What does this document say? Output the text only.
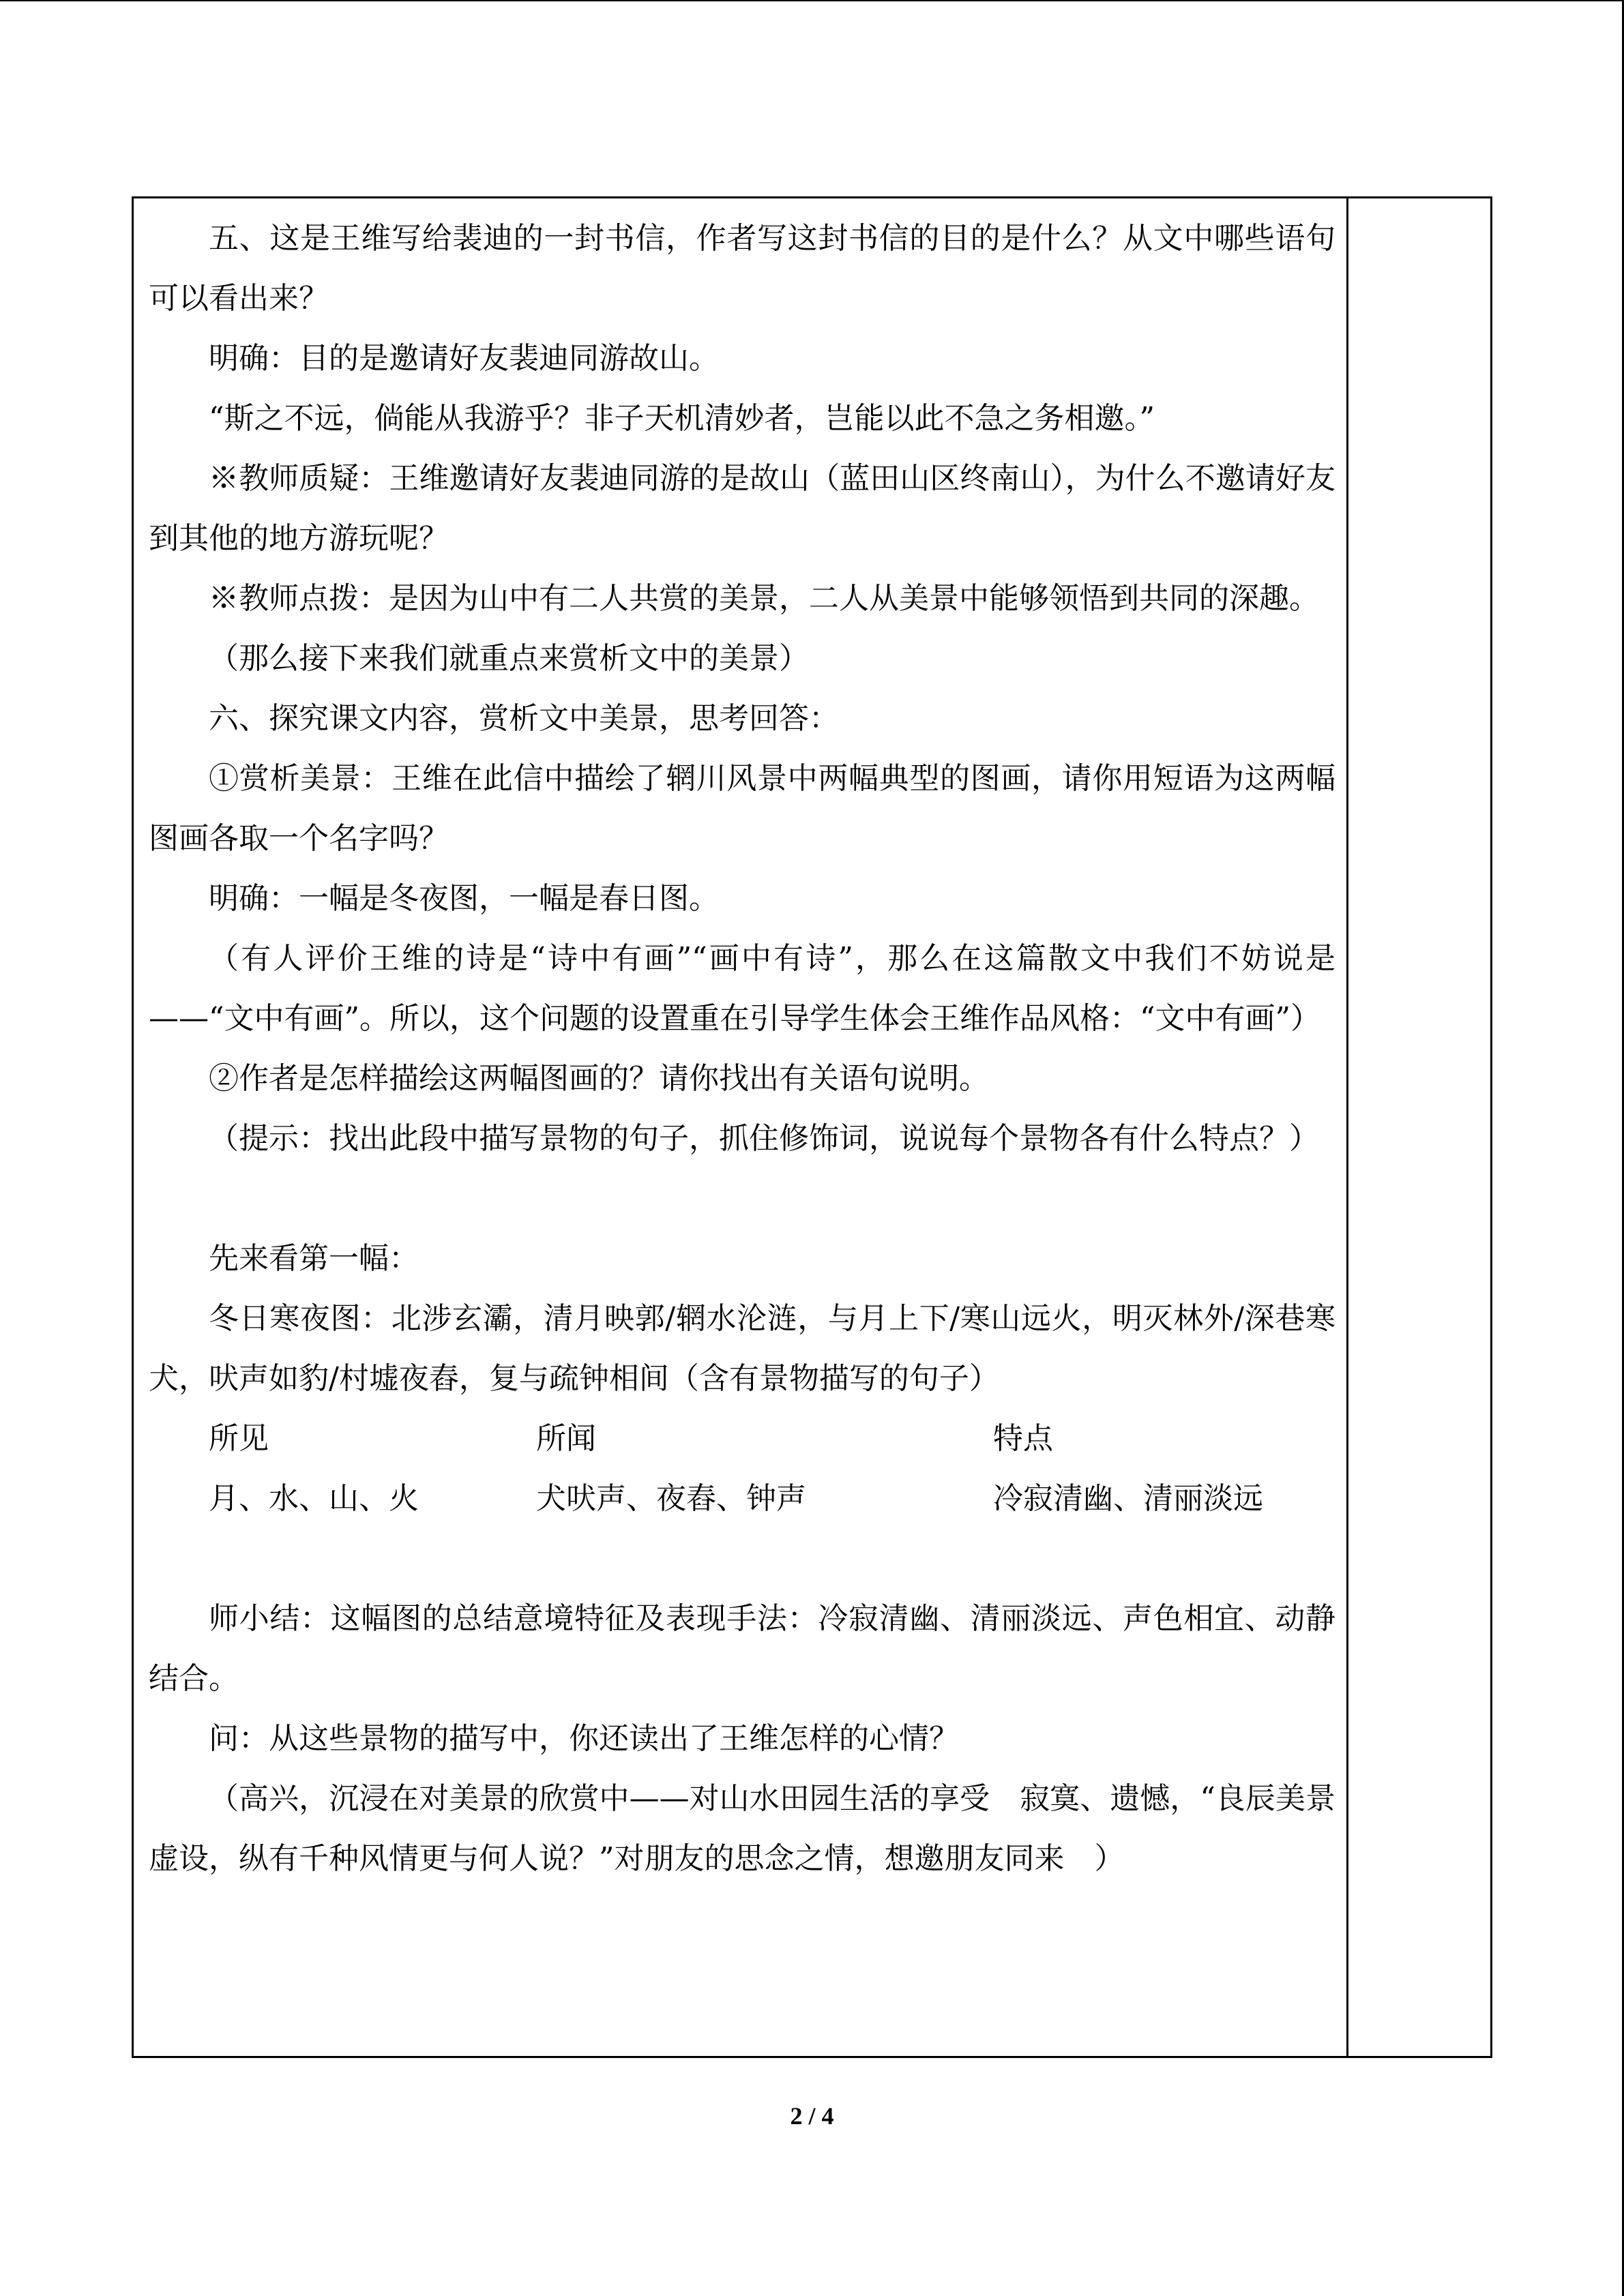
五、这是王维写给裴迪的一封书信，作者写这封书信的目的是什么？从文中哪些语句可以看出来？

明确：目的是邀请好友裴迪同游故山。

“斯之不远，倘能从我游乎？非子天机清妙者，岂能以此不急之务相邀。”

※教师质疑：王维邀请好友裴迪同游的是故山（蓝田山区终南山），为什么不邀请好友到其他的地方游玩呢？

※教师点拨：是因为山中有二人共赏的美景，二人从美景中能够领悟到共同的深趣。

（那么接下来我们就重点来赏析文中的美景）

六、探究课文内容，赏析文中美景，思考回答：

①赏析美景：王维在此信中描绘了辋川风景中两幅典型的图画，请你用短语为这两幅图画各取一个名字吗？

明确：一幅是冬夜图，一幅是春日图。

（有人评价王维的诗是“诗中有画”“画中有诗”，那么在这篇散文中我们不妨说是——“文中有画”。所以，这个问题的设置重在引导学生体会王维作品风格：“文中有画”）

②作者是怎样描绘这两幅图画的？请你找出有关语句说明。

（提示：找出此段中描写景物的句子，抓住修饰词，说说每个景物各有什么特点？）

先来看第一幅：

冬日寒夜图：北涉玄灞，清月映郭/辋水沦涟，与月上下/寒山远火，明灭林外/深巷寒犬，吠声如豹/村墟夜舂，复与疏钟相间（含有景物描写的句子）

所见	所闻	特点
月、水、山、火	犬吠声、夜舂、钟声	冷寂清幽、清丽淡远

师小结：这幅图的总结意境特征及表现手法：冷寂清幽、清丽淡远、声色相宜、动静结合。

问：从这些景物的描写中，你还读出了王维怎样的心情？

（高兴，沉浸在对美景的欣赏中——对山水田园生活的享受　寂寞、遗憾，“良辰美景虚设，纵有千种风情更与何人说？”对朋友的思念之情，想邀朋友同来　）

2 / 4
